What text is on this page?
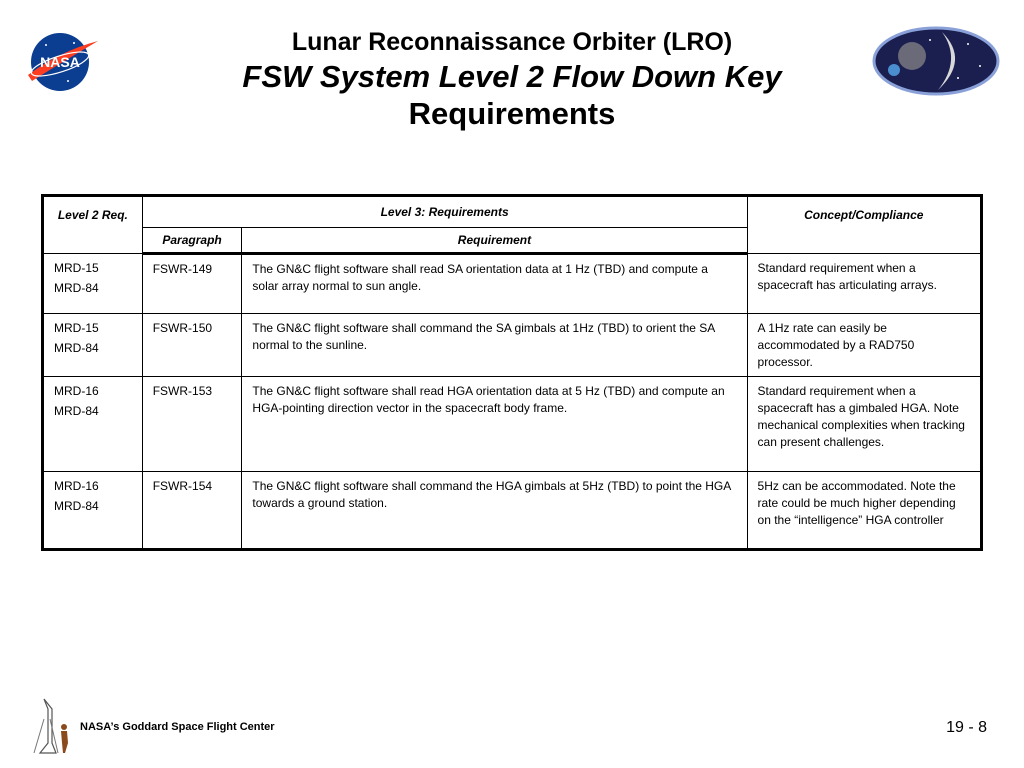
NASA
Lunar Reconnaissance Orbiter (LRO)
FSW System Level 2 Flow Down Key
Requirements
Level 2 Req.	Level 3: Requirements		Concept/Compliance
	Paragraph	Requirement	

MRD-15

MRD-84	FSWR-149	The GN&C flight software shall read SA orientation data at 1 Hz (TBD) and compute a solar array normal to sun angle.	Standard requirement when a spacecraft has articulating arrays.

MRD-15

MRD-84	FSWR-150	The GN&C flight software shall command the SA gimbals at 1Hz (TBD) to orient the SA normal to the sunline.	A 1Hz rate can easily be accommodated by a RAD750 processor.

MRD-16

MRD-84	FSWR-153	The GN&C flight software shall read HGA orientation data at 5 Hz (TBD) and compute an HGA-pointing direction vector in the spacecraft body frame.	Standard requirement when a spacecraft has a gimbaled HGA. Note mechanical complexities when tracking can present challenges.

MRD-16

MRD-84	FSWR-154	The GN&C flight software shall command the HGA gimbals at 5Hz (TBD) to point the HGA towards a ground station.	5Hz can be accommodated. Note the rate could be much higher depending on the “intelligence” HGA controller
NASA’s Goddard Space Flight Center	19 - 8
